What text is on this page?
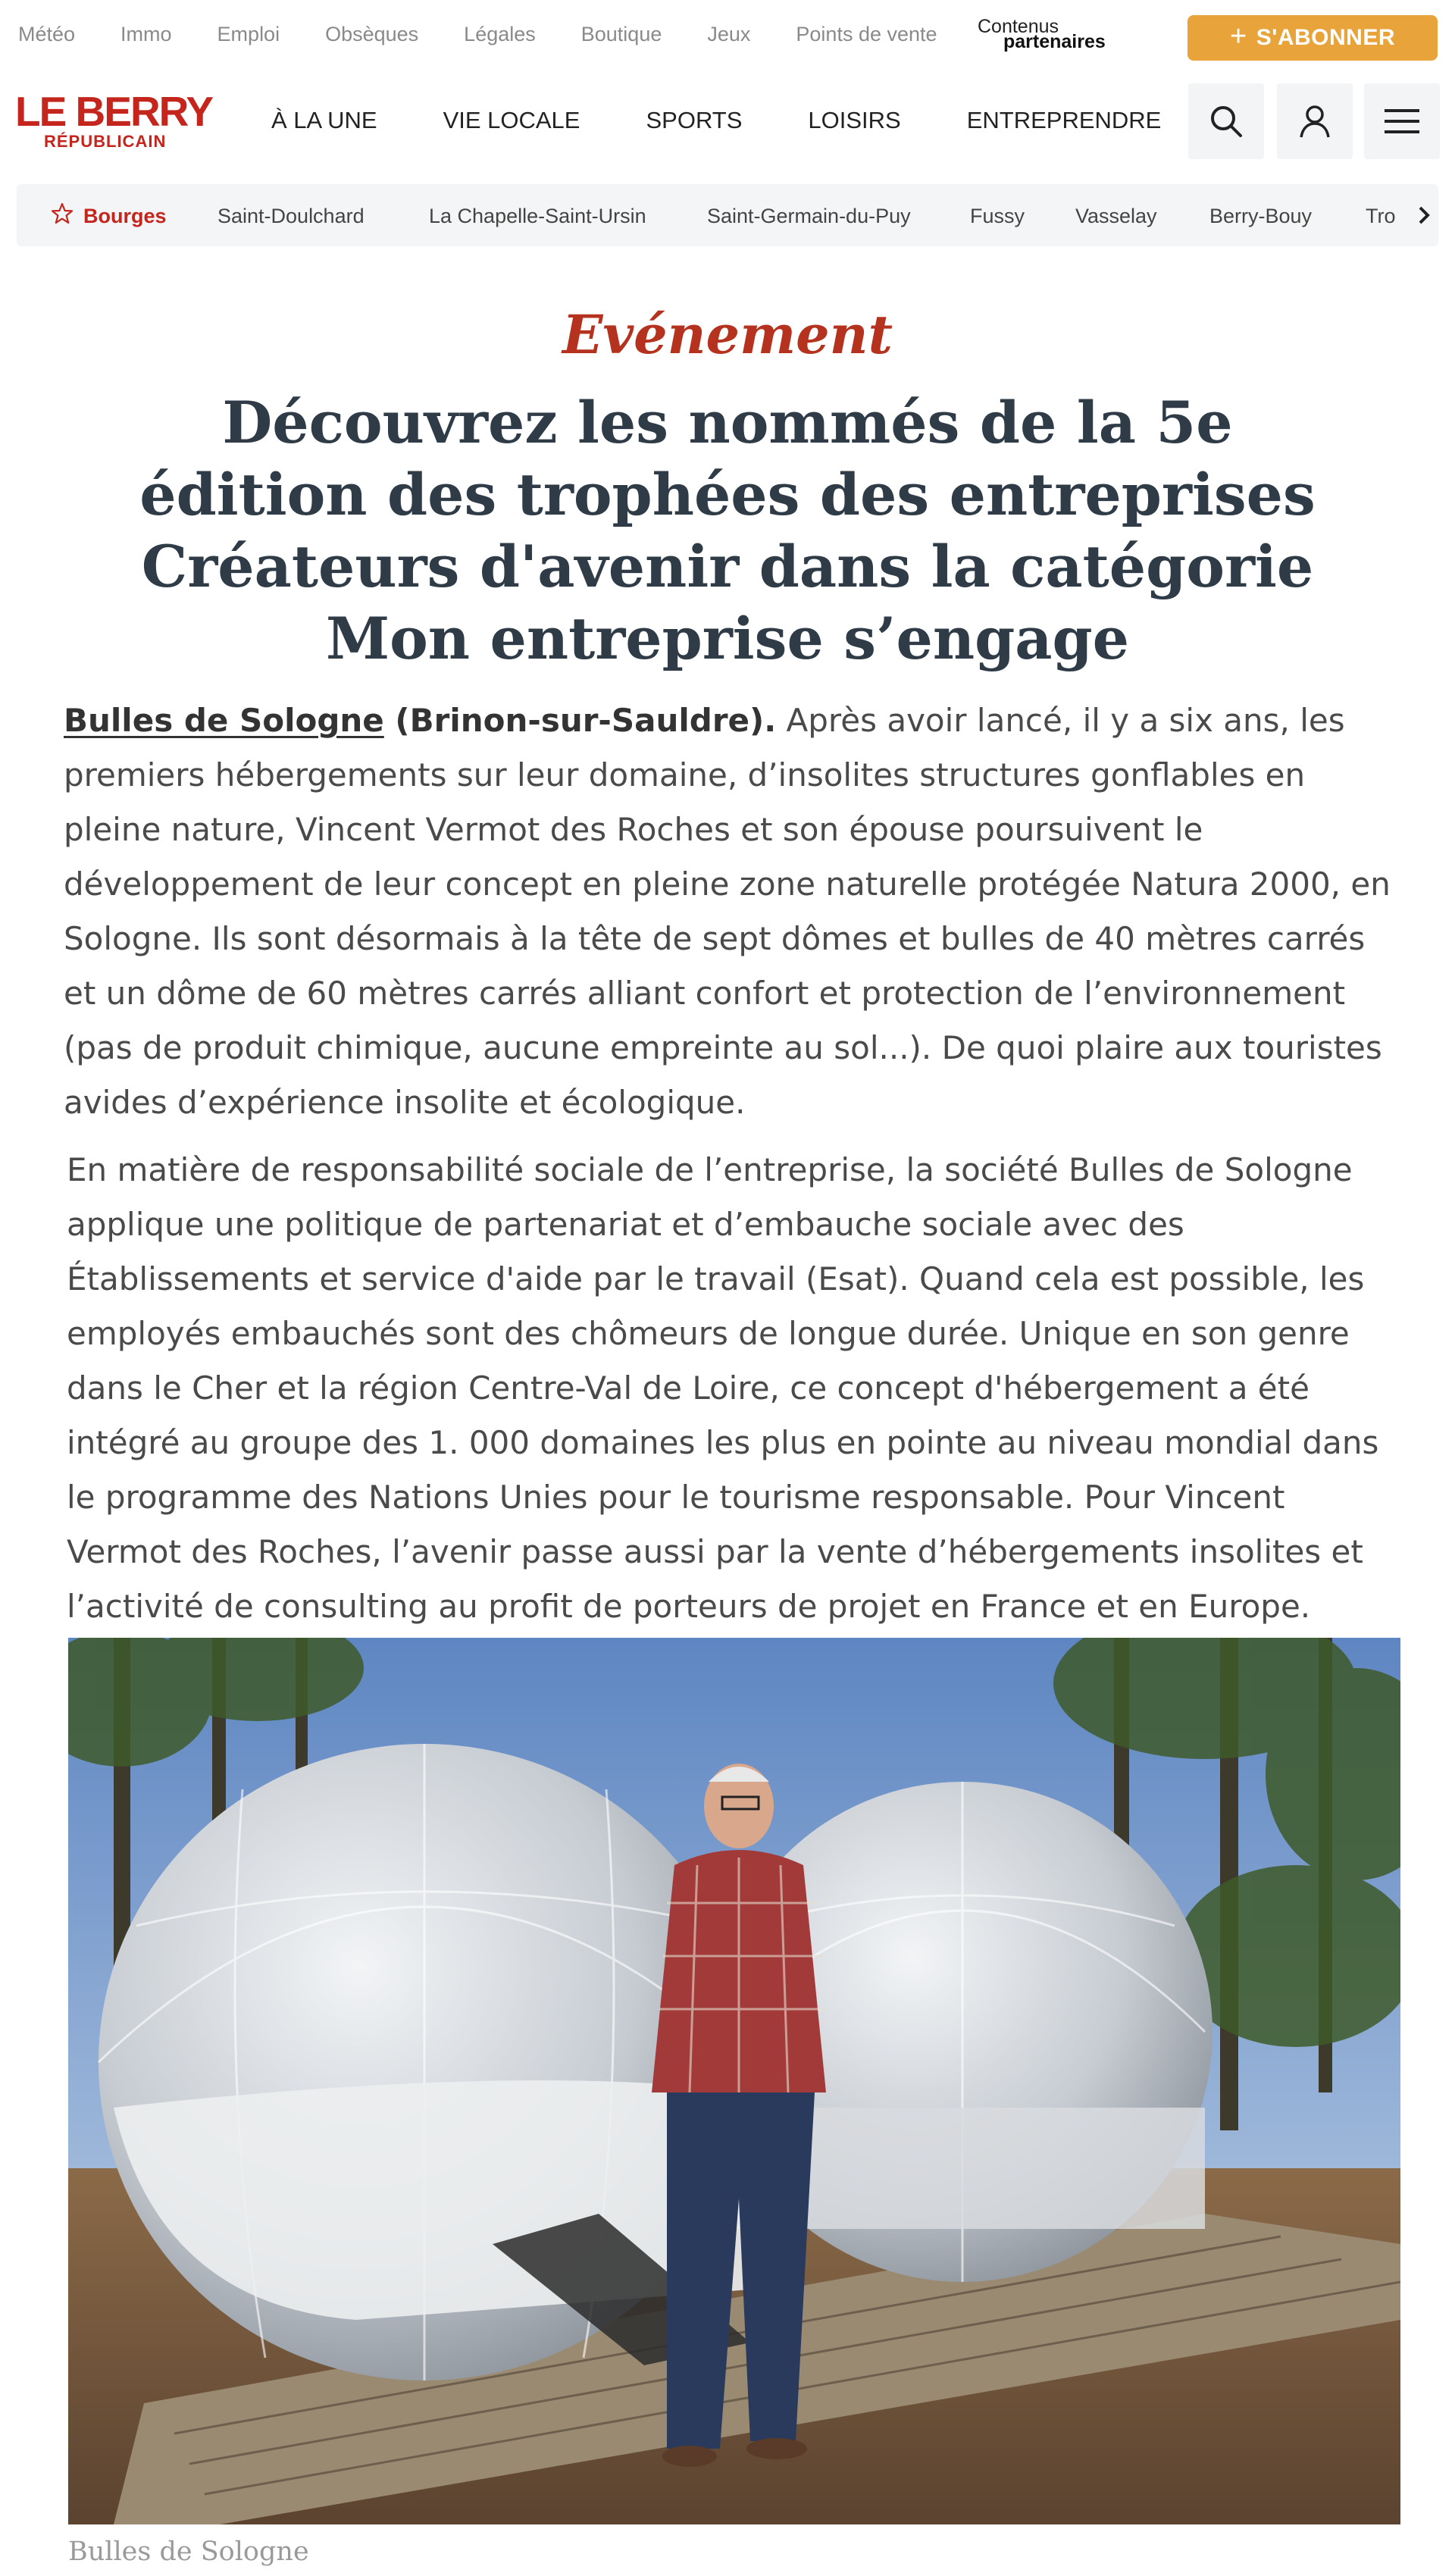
Météo Immo Emploi Obsèques Légales Boutique Jeux Points de vente Contenus
partenaires	+ S'ABONNER
LE BERRY
RÉPUBLICAIN
À LA UNE	VIE LOCALE	SPORTS	LOISIRS	ENTREPRENDRE
Bourges Saint-Doulchard	La Chapelle-Saint-Ursin	Saint-Germain-du-Puy	Fussy Vasselay	Berry-Bouy	Tro
Evénement
Découvrez les nommés de la 5e édition des trophées des entreprises Créateurs d'avenir dans la catégorie Mon entreprise s’engage

Bulles de Sologne (Brinon-sur-Sauldre). Après avoir lancé, il y a six ans, les premiers hébergements sur leur domaine, d’insolites structures gonflables en pleine nature, Vincent Vermot des Roches et son épouse poursuivent le développement de leur concept en pleine zone naturelle protégée Natura 2000, en Sologne. Ils sont désormais à la tête de sept dômes et bulles de 40 mètres carrés et un dôme de 60 mètres carrés alliant confort et protection de l’environnement (pas de produit chimique, aucune empreinte au sol...). De quoi plaire aux touristes avides d’expérience insolite et écologique.

En matière de responsabilité sociale de l’entreprise, la société Bulles de Sologne applique une politique de partenariat et d’embauche sociale avec des Établissements et service d'aide par le travail (Esat). Quand cela est possible, les employés embauchés sont des chômeurs de longue durée. Unique en son genre dans le Cher et la région Centre-Val de Loire, ce concept d'hébergement a été intégré au groupe des 1. 000 domaines les plus en pointe au niveau mondial dans le programme des Nations Unies pour le tourisme responsable. Pour Vincent Vermot des Roches, l’avenir passe aussi par la vente d’hébergements insolites et l’activité de consulting au profit de porteurs de projet en France et en Europe.

Bulles de Sologne
